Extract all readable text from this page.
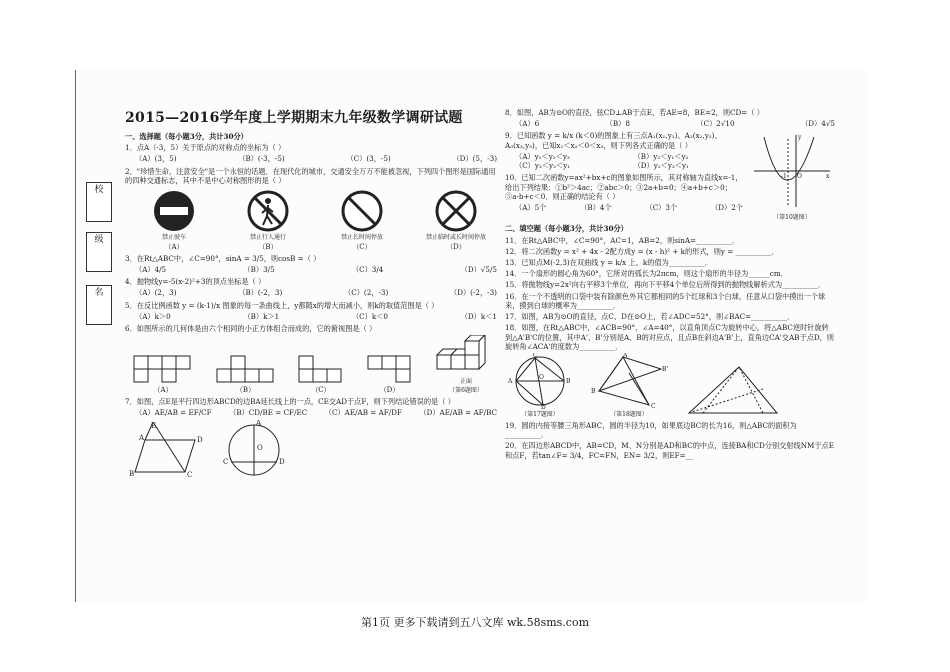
校
级
名
2015—2016学年度上学期期末九年级数学调研试题
一、选择题（每小题3分，共计30分）
1．点A（-3，5）关于原点的对称点的坐标为（ ）
（A）(3，5)	（B）(-3，-5)	（C）(3，-5)	（D）(5，-3)
2．"珍惜生命，注意安全"是一个永恒的话题．在现代化的城市，交通安全万万不能被忽视，下列四个图形是国际通用的四种交通标志，其中不是中心对称图形的是（ ）
禁止驶车
（A）
禁止行人通行
（B）
禁止长时间停放
（C）
禁止临时或长时间停放
（D）
3．在Rt△ABC中，∠C=90°，sinA = 3/5，则cosB =（ ）
（A）4/5	（B）3/5	（C）3/4	（D）√5/5
4．抛物线y=-5(x-2)²+3的顶点坐标是（ ）
（A）(2，3)	（B）(-2，3)	（C）(2，-3)	（D）(-2，-3)
5．在反比例函数 y = (k-1)/x 图象的每一条曲线上，y都随x的增大而减小，则k的取值范围是（ ）
（A）k＞0	（B）k＞1	（C）k＜0	（D）k＜1
6．如图所示的几何体是由六个相同的小正方体组合而成的，它的俯视图是（ ）
（A）	（B）	（C）	（D）
正面
（第6题图）
7．如图，点E是平行四边形ABCD的边BA延长线上的一点，CE交AD于点F，则下列结论错误的是（ ）
（A）AE/AB = EF/CF （B）CD/BE = CF/EC （C）AE/AB = AF/DF （D）AE/AB = AF/BC
E
A	D
B	C
A
O
C	D
8．如图，AB为⊙O的直径，弦CD⊥AB于点E，若AE=8，BE=2，则CD=（ ）
（A）6	（B）8	（C）2√10	（D）4√5
9．已知函数 y = k/x (k＜0)的图象上有三点A₁(x₁,y₁)、A₂(x₂,y₂)、A₃(x₃,y₃)，已知x₁＜x₂＜0＜x₃，则下列各式正确的是（ ）
（A）y₁＜y₂＜y₃	（B）y₃＜y₁＜y₂
（C）y₃＜y₂＜y₁	（D）y₂＜y₃＜y₁
10．已知二次函数y=ax²+bx+c的图象如图所示，其对称轴为直线x=-1，给出下列结果：①b²＞4ac；②abc＞0；③2a+b=0；④a+b+c＞0；⑤a-b+c＜0．则正确的结论有（ ）
（A）5个	（B）4个	（C）3个	（D）2个
y
x
-1 O
（第10题图）
二、填空题（每小题3分，共计30分）
11．在Rt△ABC中，∠C=90°，AC=1，AB=2，则sinA=__________．
12．将二次函数y = x² + 4x - 2配方成y = (x - h)² + k的形式，则y = __________．
13．已知点M(-2,3)在双曲线 y = k/x 上，k的值为__________．
14．一个扇形的圆心角为60°，它所对的弧长为2πcm，则这个扇形的半径为______cm．
15．将抛物线y=2x²向右平移3个单位，再向下平移4个单位后所得到的抛物线解析式为__________．
16．在一个不透明的口袋中装有除颜色外其它都相同的5个红球和3个白球，任意从口袋中摸出一个球来，摸到白球的概率为__________．
17．如图，AB为⊙O的直径，点C、D在⊙O上，若∠ADC=52°，则∠BAC=__________．
18．如图，在Rt△ABC中，∠ACB=90°，∠A=40°，以直角顶点C为旋转中心，将△ABC逆时针旋转到△A'B'C的位置，其中A'、B'分别是A、B的对应点，且点B在斜边A'B'上，直角边CA'交AB于点D，则旋转角∠ACA'的度数为__________．
A	B
C
D
O
（第17题图）
B
A
C
B'
（第18题图）
19．圆的内接等腰三角形ABC，圆的半径为10，如果底边BC的长为16，则△ABC的面积为__________．
20．在四边形ABCD中，AB=CD，M、N分别是AD和BC的中点，连接BA和CD分别交射线NM于点E和点F，若tan∠F= 3/4，FC=FN，EN= 3/2，则EF=__
第1页 更多下载请到五八文库 wk.58sms.com
